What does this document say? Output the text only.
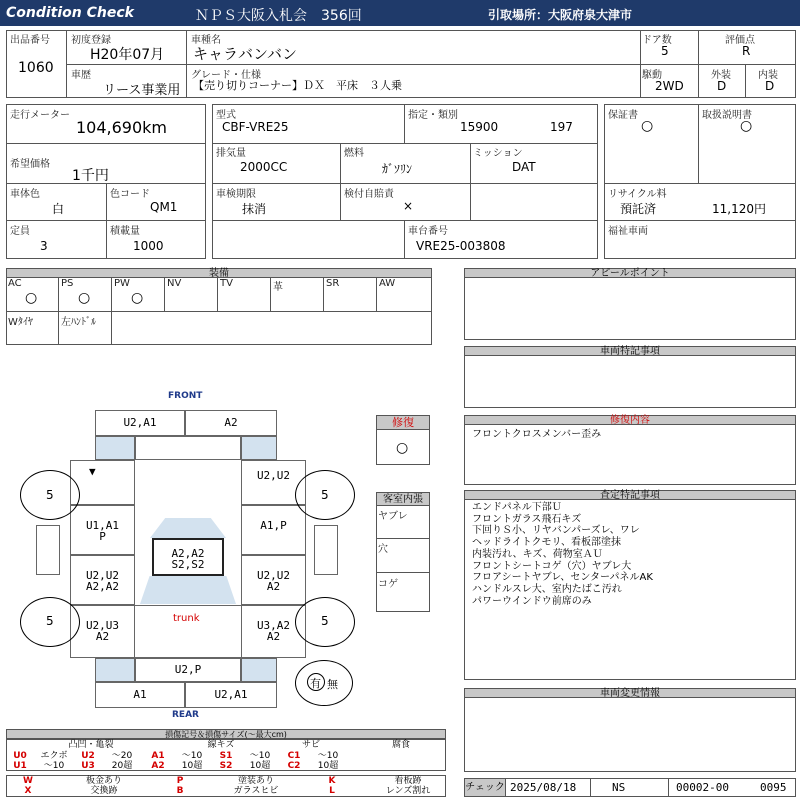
Condition Check	ＮＰＳ大阪入札会　356回	引取場所：大阪府泉大津市
出品番号
1060
初度登録
H20年07月
車種名
キャラバンバン
ドア数
5
評価点
R
車歴
リース事業用
グレード・仕様
【売り切りコーナー】ＤＸ　平床　３人乗
駆動
2WD
外装
D
内装
D
走行メーター
104,690km
希望価格
1千円
車体色
白
色コード
QM1
定員
3
積載量
1000
型式
CBF-VRE25
指定・類別
15900	197
排気量
2000CC
燃料
ｶﾞｿﾘﾝ
ミッション
DAT
車検期限
抹消
検付自賠責
×
車台番号
VRE25-003808
保証書
○
取扱説明書
○
リサイクル料
預託済	11,120円
福祉車両
装備
AC
○
PS
○
PW
○
NV	TV	革	SR	AW
Wﾀｲﾔ	左ﾊﾝﾄﾞﾙ
FRONT
REAR
U2,A1	A2
▼	U2,U2
U1,A1
P
A1,P
U2,U2
A2,A2
U2,U2
A2
U2,U3
A2
U3,A2
A2
A2,A2
S2,S2
trunk
U2,P
A1	U2,A1
5	5
5	5
有 無
修復
○
客室内張
ヤブレ
穴
コゲ
損傷記号＆損傷サイズ(～最大cm)
凸凹・亀裂	線キズ	サビ	腐食
U0	エクボ	U2	～20	A1	～10	S1	～10	C1	～10
U1	～10	U3	20超	A2	10超	S2	10超	C2	10超
W	板金あり	P	塗装あり	K	看板跡
X	交換跡	B	ガラスヒビ	L	レンズ割れ
アピールポイント
車両特記事項
修復内容
フロントクロスメンバー歪み
査定特記事項
エンドパネル下部Ｕ
フロントガラス飛石キズ
下回りＳ小、リヤバンパーズレ、ワレ
ヘッドライトクモリ、看板部塗抹
内装汚れ、キズ、荷物室ＡＵ
フロントシートコゲ（穴）ヤブレ大
フロアシートヤブレ、センターパネルAK
ハンドルスレ大、室内たばこ汚れ
パワーウインドウ前席のみ
車両変更情報
チェック 2025/08/18	NS	00002-00	0095
